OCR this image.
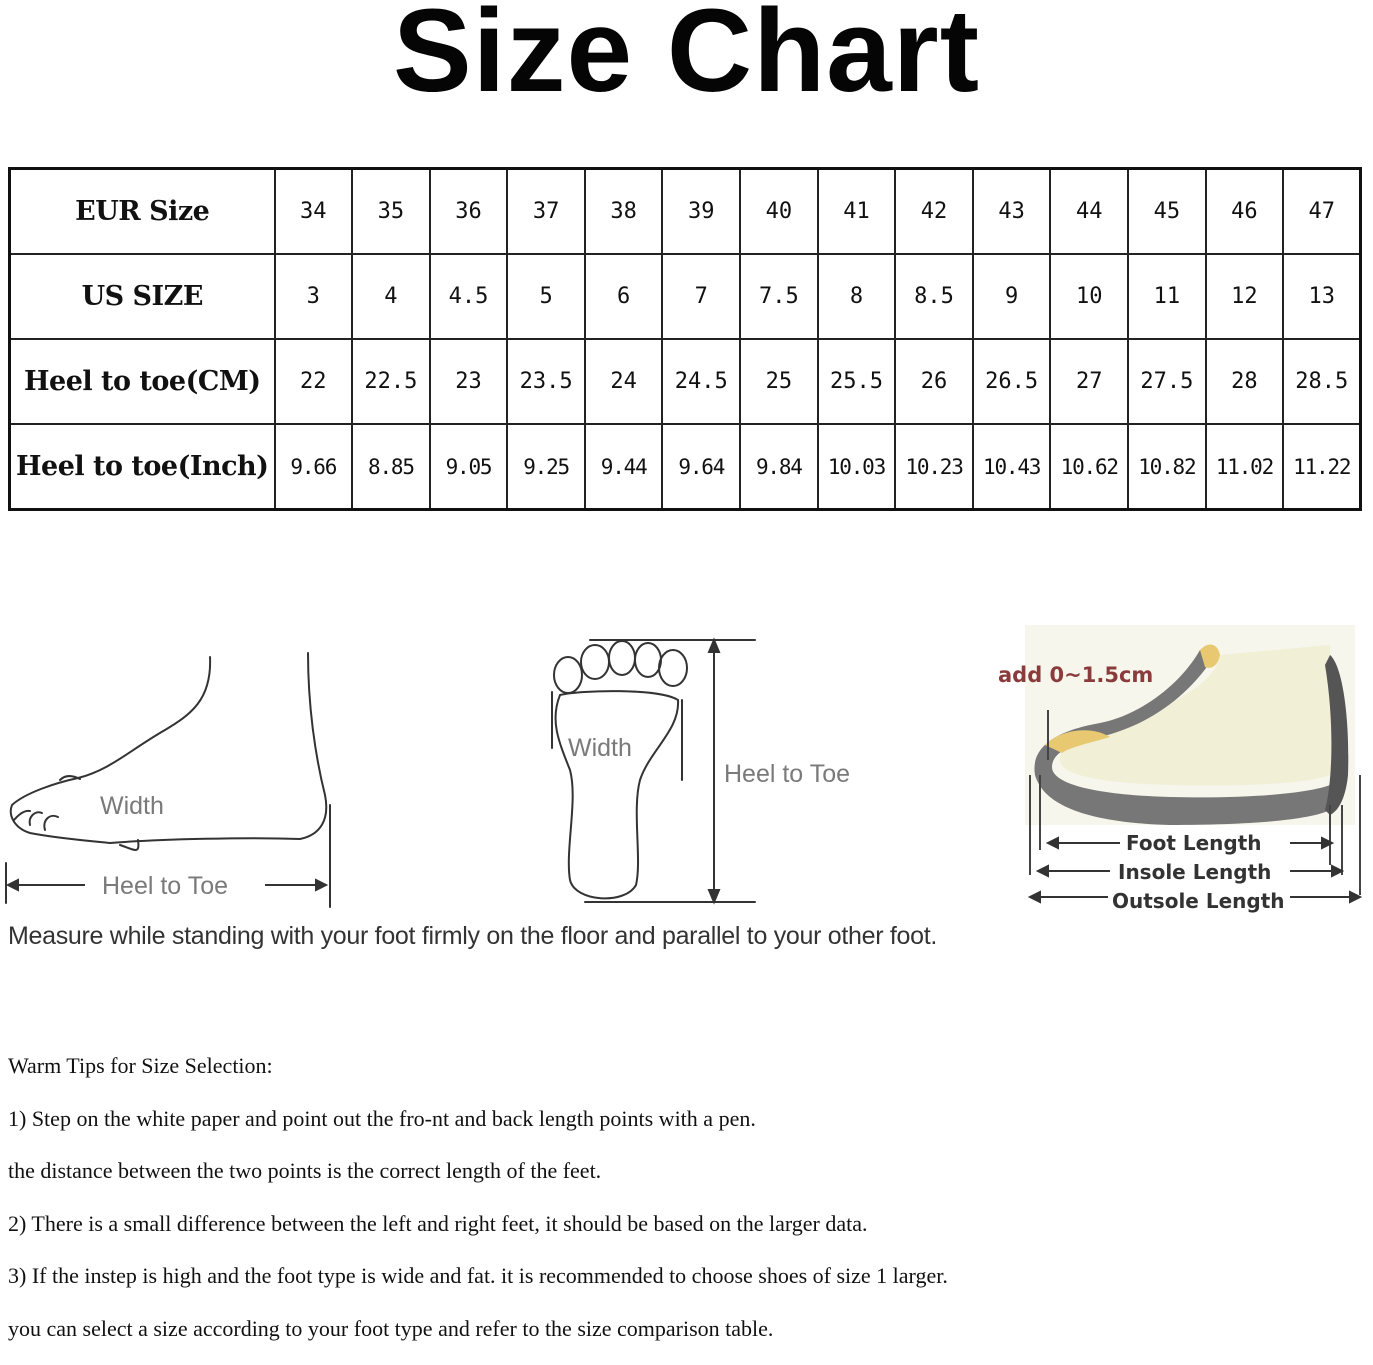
Size Chart
EUR Size	34	35	36	37	38	39	40	41	42	43	44	45	46	47
US SIZE	3	4	4.5	5	6	7	7.5	8	8.5	9	10	11	12	13
Heel to toe(CM)	22	22.5	23	23.5	24	24.5	25	25.5	26	26.5	27	27.5	28	28.5
Heel to toe(Inch)	9.66	8.85	9.05	9.25	9.44	9.64	9.84	10.03	10.23	10.43	10.62	10.82	11.02	11.22
Width
Heel to Toe
Width
Heel to Toe
add 0~1.5cm
Foot Length
Insole Length
Outsole Length
Measure while standing with your foot firmly on the floor and parallel to your other foot.

Warm Tips for Size Selection:

1) Step on the white paper and point out the fro-nt and back length points with a pen.

the distance between the two points is the correct length of the feet.

2) There is a small difference between the left and right feet, it should be based on the larger data.

3) If the instep is high and the foot type is wide and fat. it is recommended to choose shoes of size 1 larger.

you can select a size according to your foot type and refer to the size comparison table.
